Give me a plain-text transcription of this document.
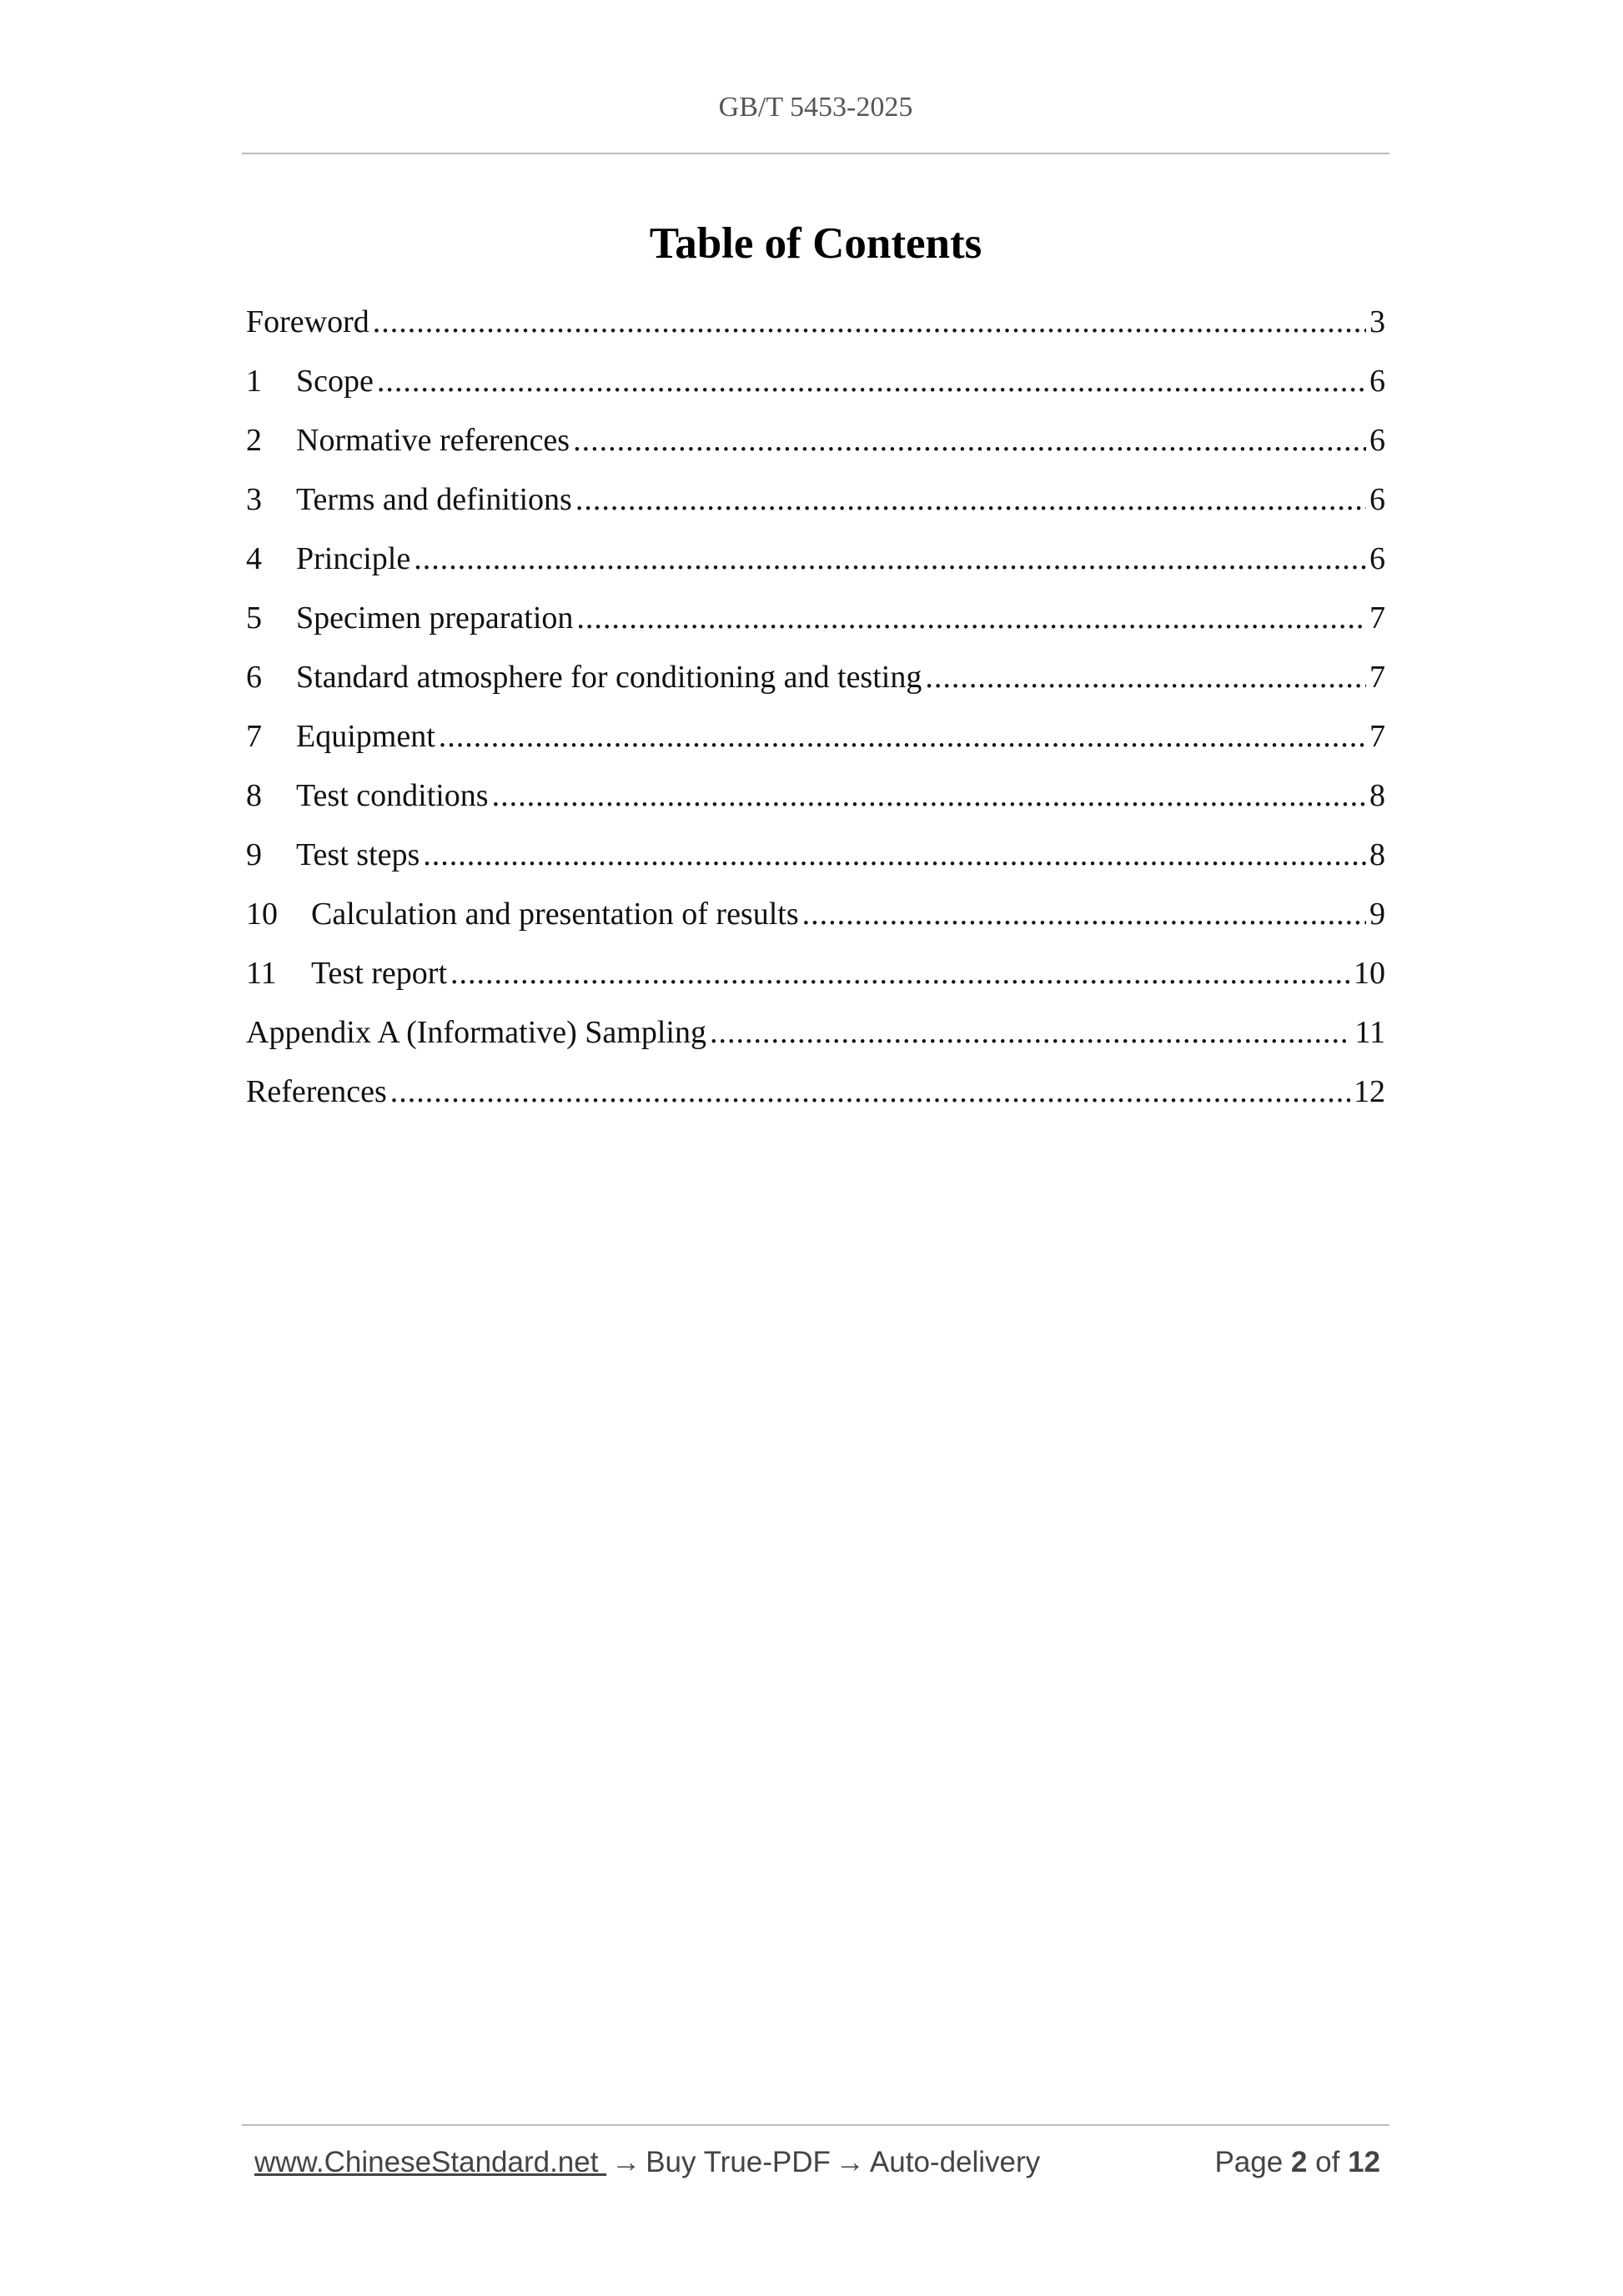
GB/T 5453-2025
Table of Contents
Foreword .....	3
1	Scope .....	6
2	Normative references .....	6
3	Terms and definitions .....	6
4	Principle .....	6
5	Specimen preparation .....	7
6	Standard atmosphere for conditioning and testing .....	7
7	Equipment .....	7
8	Test conditions .....	8
9	Test steps .....	8
10	Calculation and presentation of results .....	9
11	Test report .....	10
Appendix A (Informative) Sampling .....	11
References .....	12
www.ChineseStandard.net → Buy True-PDF → Auto-delivery	Page 2 of 12
